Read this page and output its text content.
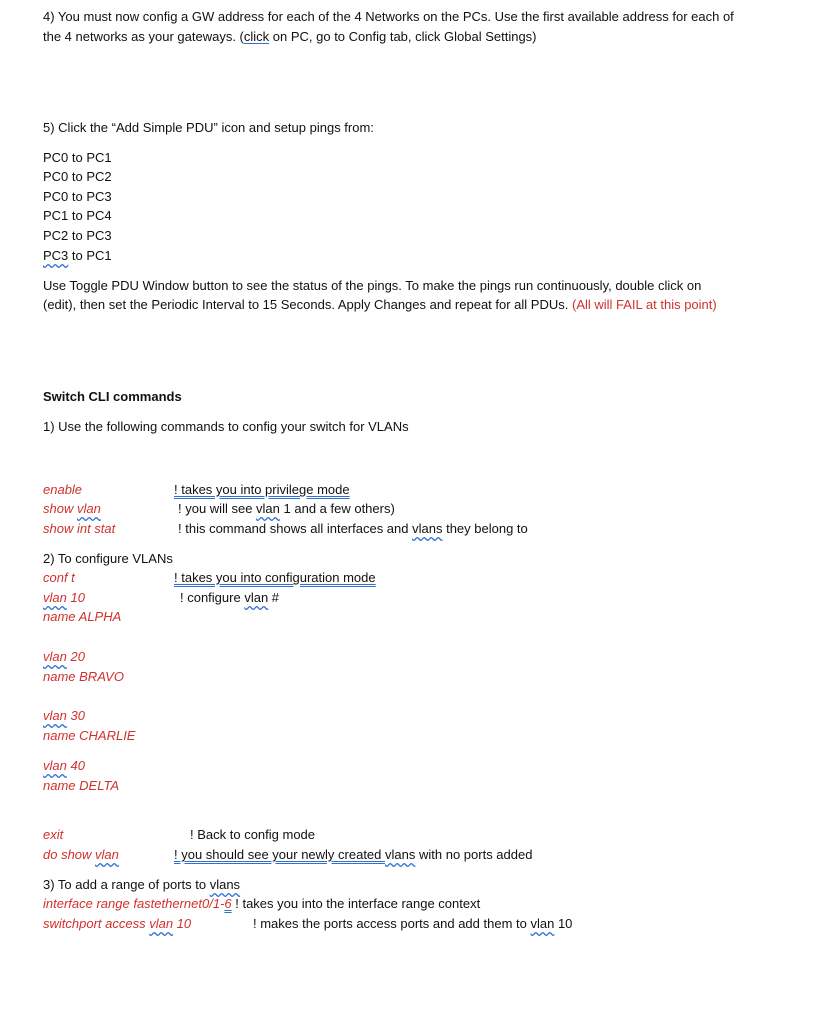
4) You must now config a GW address for each of the 4 Networks on the PCs. Use the first available address for each of
the 4 networks as your gateways. (click on PC, go to Config tab, click Global Settings)
5) Click the “Add Simple PDU” icon and setup pings from:
PC0 to PC1
PC0 to PC2
PC0 to PC3
PC1 to PC4
PC2 to PC3
PC3 to PC1
Use Toggle PDU Window button to see the status of the pings. To make the pings run continuously, double click on
(edit), then set the Periodic Interval to 15 Seconds. Apply Changes and repeat for all PDUs. (All will FAIL at this point)
Switch CLI commands
1) Use the following commands to config your switch for VLANs
enable	! takes you into privilege mode
show vlan	! you will see vlan 1 and a few others)
show int stat	! this command shows all interfaces and vlans they belong to
2) To configure VLANs
conf t	! takes you into configuration mode
vlan 10	! configure vlan #
name ALPHA
vlan 20
name BRAVO
vlan 30
name CHARLIE
vlan 40
name DELTA
exit	! Back to config mode
do show vlan	! you should see your newly created vlans with no ports added
3) To add a range of ports to vlans
interface range fastethernet0/1-6 ! takes you into the interface range context
switchport access vlan 10	! makes the ports access ports and add them to vlan 10
